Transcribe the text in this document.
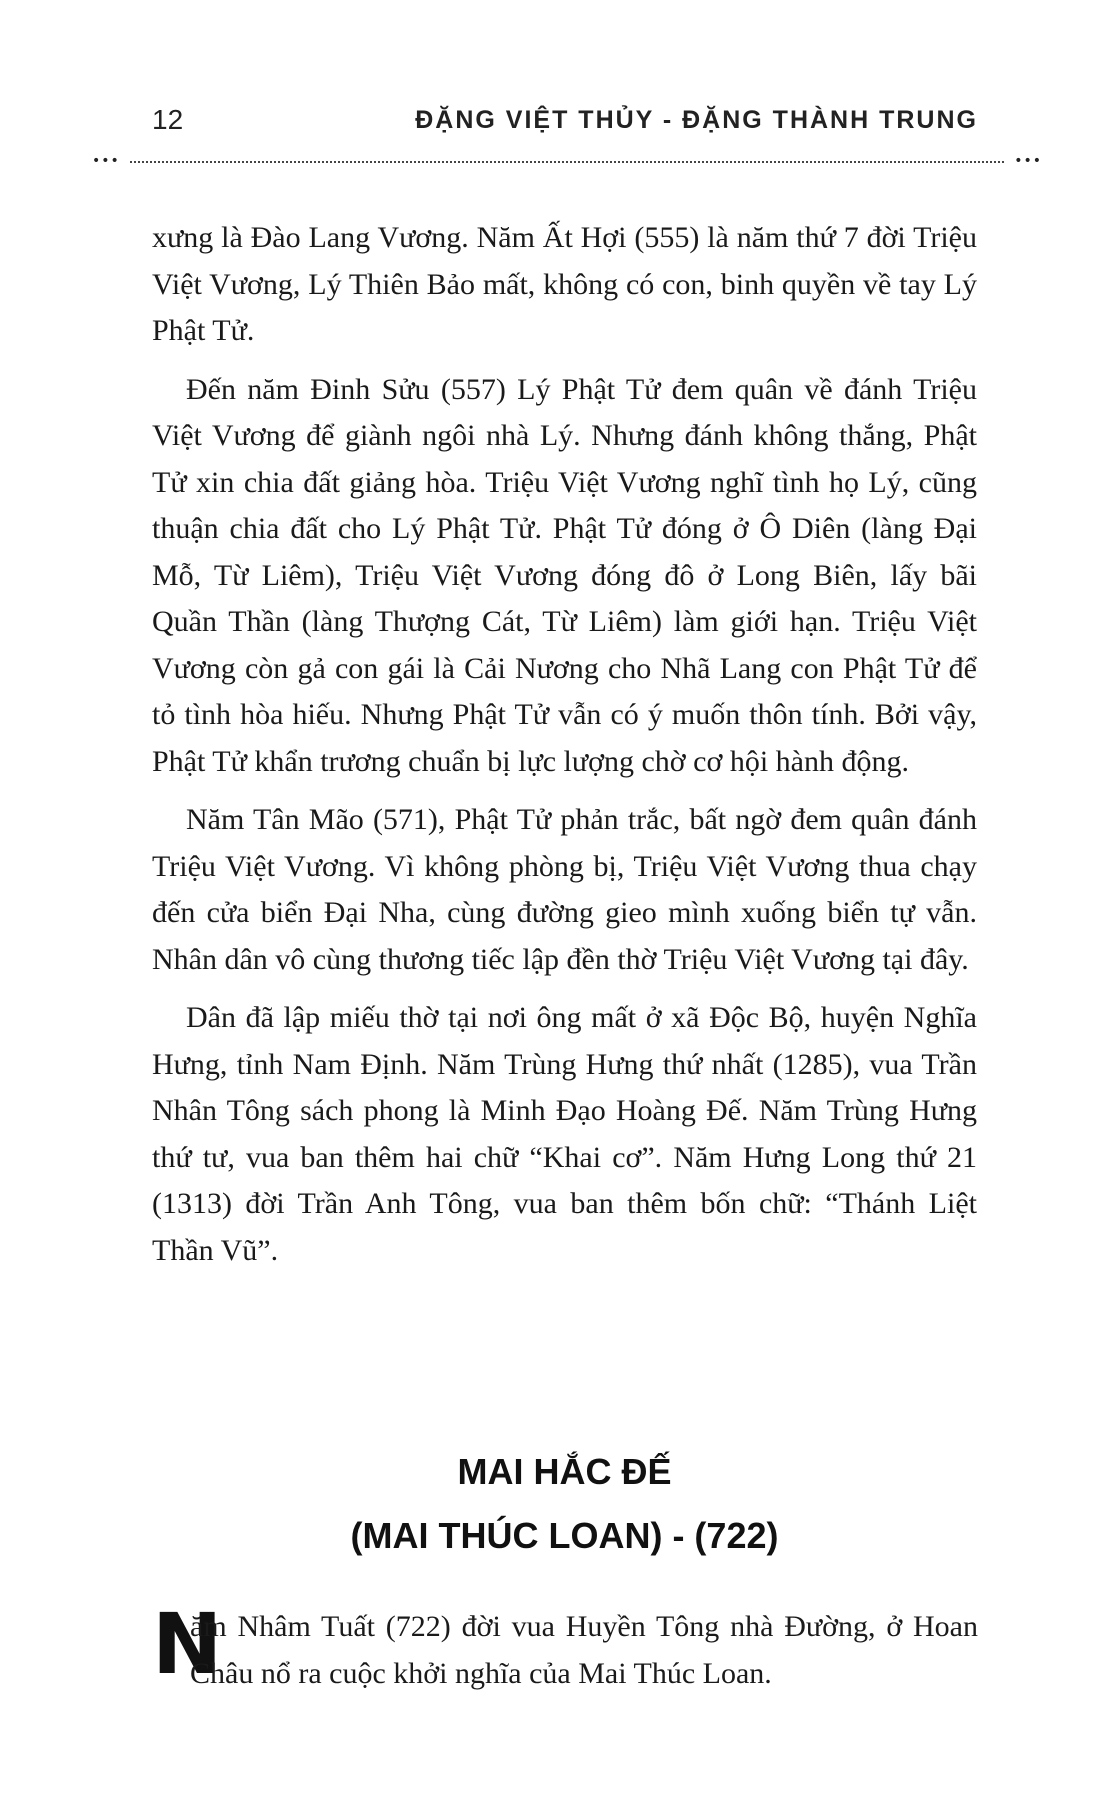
12	ĐẶNG VIỆT THỦY - ĐẶNG THÀNH TRUNG
•••	•••

xưng là Đào Lang Vương. Năm Ất Hợi (555) là năm thứ 7 đời Triệu Việt Vương, Lý Thiên Bảo mất, không có con, binh quyền về tay Lý Phật Tử.

Đến năm Đinh Sửu (557) Lý Phật Tử đem quân về đánh Triệu Việt Vương để giành ngôi nhà Lý. Nhưng đánh không thắng, Phật Tử xin chia đất giảng hòa. Triệu Việt Vương nghĩ tình họ Lý, cũng thuận chia đất cho Lý Phật Tử. Phật Tử đóng ở Ô Diên (làng Đại Mỗ, Từ Liêm), Triệu Việt Vương đóng đô ở Long Biên, lấy bãi Quần Thần (làng Thượng Cát, Từ Liêm) làm giới hạn. Triệu Việt Vương còn gả con gái là Cải Nương cho Nhã Lang con Phật Tử để tỏ tình hòa hiếu. Nhưng Phật Tử vẫn có ý muốn thôn tính. Bởi vậy, Phật Tử khẩn trương chuẩn bị lực lượng chờ cơ hội hành động.

Năm Tân Mão (571), Phật Tử phản trắc, bất ngờ đem quân đánh Triệu Việt Vương. Vì không phòng bị, Triệu Việt Vương thua chạy đến cửa biển Đại Nha, cùng đường gieo mình xuống biển tự vẫn. Nhân dân vô cùng thương tiếc lập đền thờ Triệu Việt Vương tại đây.

Dân đã lập miếu thờ tại nơi ông mất ở xã Độc Bộ, huyện Nghĩa Hưng, tỉnh Nam Định. Năm Trùng Hưng thứ nhất (1285), vua Trần Nhân Tông sách phong là Minh Đạo Hoàng Đế. Năm Trùng Hưng thứ tư, vua ban thêm hai chữ “Khai cơ”. Năm Hưng Long thứ 21 (1313) đời Trần Anh Tông, vua ban thêm bốn chữ: “Thánh Liệt Thần Vũ”.

MAI HẮC ĐẾ
(MAI THÚC LOAN) - (722)
N
ăm Nhâm Tuất (722) đời vua Huyền Tông nhà Đường, ở Hoan Châu nổ ra cuộc khởi nghĩa của Mai Thúc Loan.
